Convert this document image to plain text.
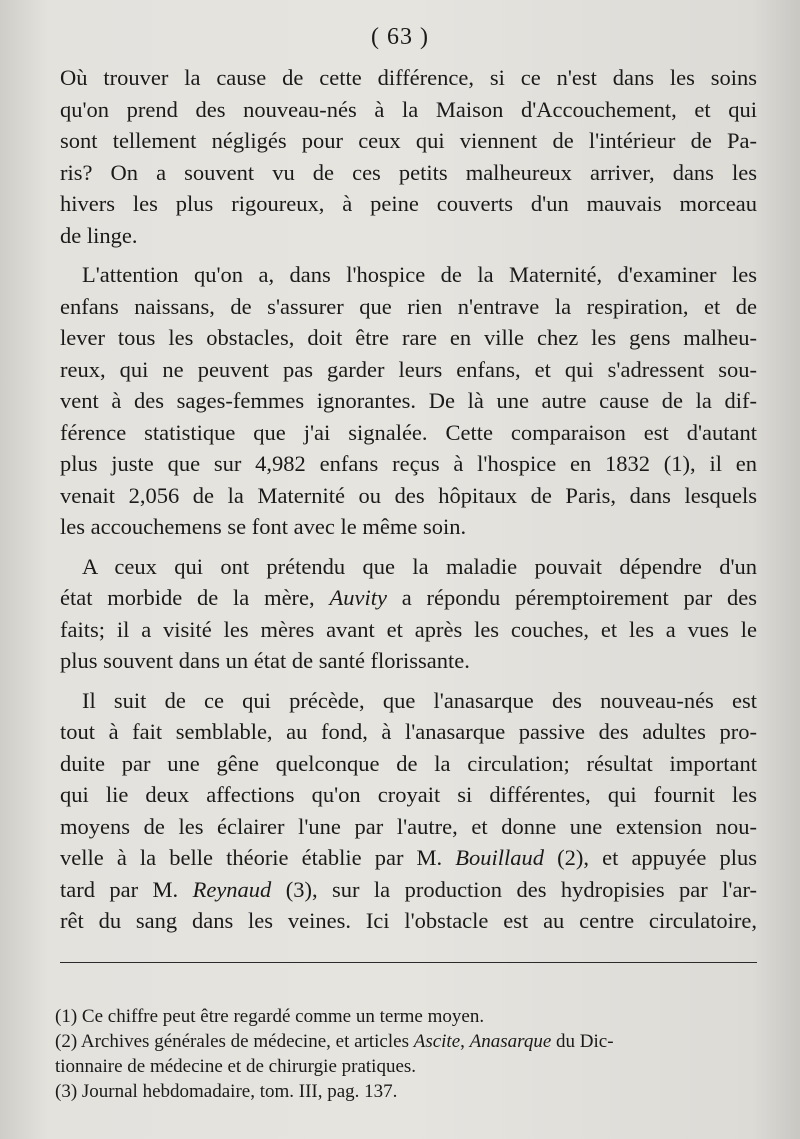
( 63 )
Où trouver la cause de cette différence, si ce n'est dans les soins
qu'on prend des nouveau-nés à la Maison d'Accouchement, et qui
sont tellement négligés pour ceux qui viennent de l'intérieur de Pa-
ris? On a souvent vu de ces petits malheureux arriver, dans les
hivers les plus rigoureux, à peine couverts d'un mauvais morceau
de linge.
L'attention qu'on a, dans l'hospice de la Maternité, d'examiner les
enfans naissans, de s'assurer que rien n'entrave la respiration, et de
lever tous les obstacles, doit être rare en ville chez les gens malheu-
reux, qui ne peuvent pas garder leurs enfans, et qui s'adressent sou-
vent à des sages-femmes ignorantes. De là une autre cause de la dif-
férence statistique que j'ai signalée. Cette comparaison est d'autant
plus juste que sur 4,982 enfans reçus à l'hospice en 1832 (1), il en
venait 2,056 de la Maternité ou des hôpitaux de Paris, dans lesquels
les accouchemens se font avec le même soin.
A ceux qui ont prétendu que la maladie pouvait dépendre d'un
état morbide de la mère, Auvity a répondu péremptoirement par des
faits; il a visité les mères avant et après les couches, et les a vues le
plus souvent dans un état de santé florissante.
Il suit de ce qui précède, que l'anasarque des nouveau-nés est
tout à fait semblable, au fond, à l'anasarque passive des adultes pro-
duite par une gêne quelconque de la circulation; résultat important
qui lie deux affections qu'on croyait si différentes, qui fournit les
moyens de les éclairer l'une par l'autre, et donne une extension nou-
velle à la belle théorie établie par M. Bouillaud (2), et appuyée plus
tard par M. Reynaud (3), sur la production des hydropisies par l'ar-
rêt du sang dans les veines. Ici l'obstacle est au centre circulatoire,
(1) Ce chiffre peut être regardé comme un terme moyen.
(2) Archives générales de médecine, et articles Ascite, Anasarque du Dic-
tionnaire de médecine et de chirurgie pratiques.
(3) Journal hebdomadaire, tom. III, pag. 137.
